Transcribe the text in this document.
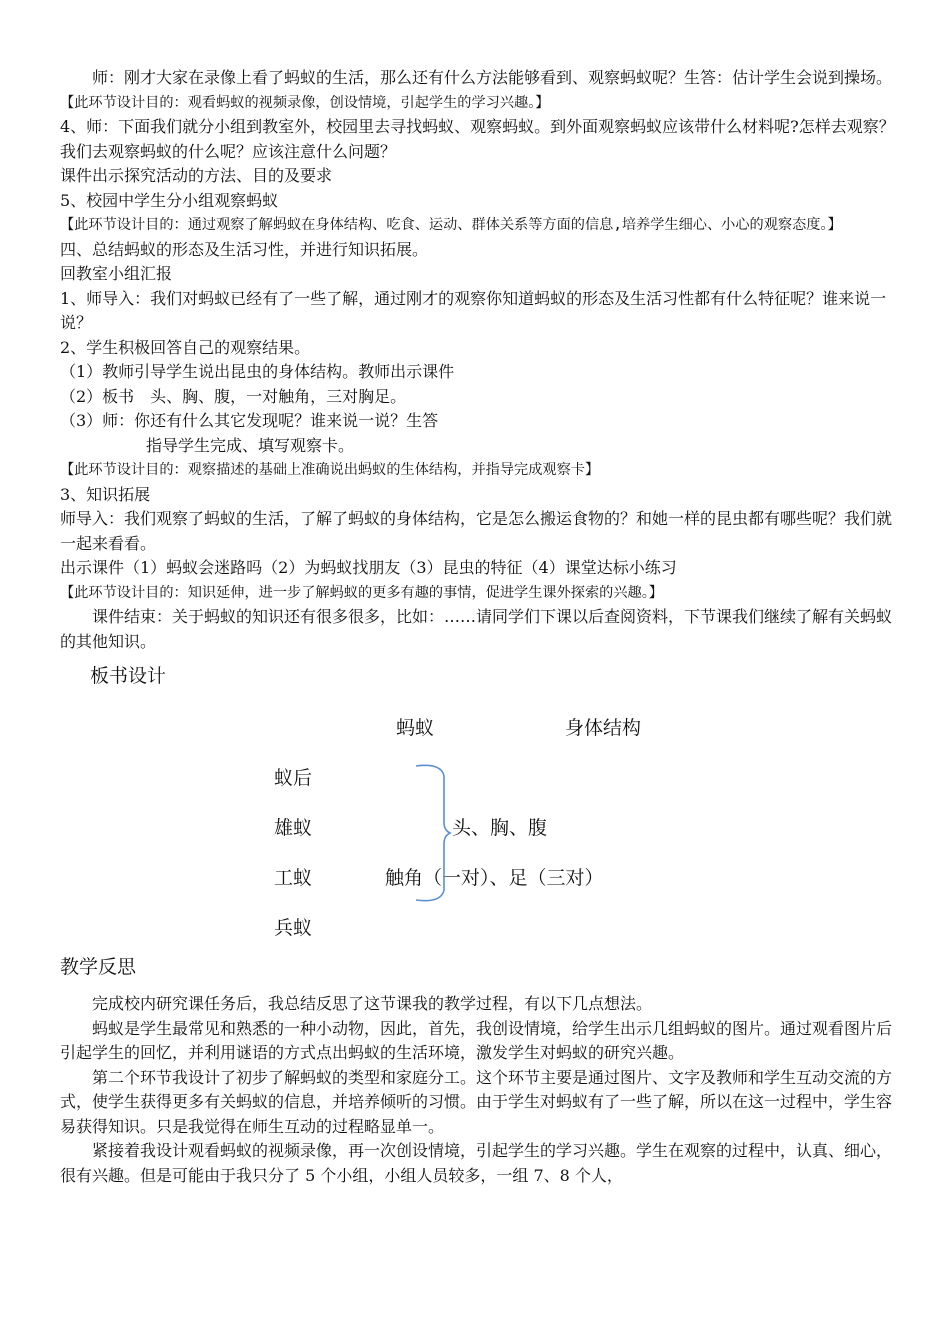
师：刚才大家在录像上看了蚂蚁的生活，那么还有什么方法能够看到、观察蚂蚁呢？生答：估计学生会说到操场。
【此环节设计目的：观看蚂蚁的视频录像，创设情境，引起学生的学习兴趣。】
4、师：下面我们就分小组到教室外，校园里去寻找蚂蚁、观察蚂蚁。到外面观察蚂蚁应该带什么材料呢?怎样去观察？我们去观察蚂蚁的什么呢？应该注意什么问题？
课件出示探究活动的方法、目的及要求
5、校园中学生分小组观察蚂蚁
【此环节设计目的：通过观察了解蚂蚁在身体结构、吃食、运动、群体关系等方面的信息,培养学生细心、小心的观察态度。】
四、总结蚂蚁的形态及生活习性，并进行知识拓展。
回教室小组汇报
1、师导入：我们对蚂蚁已经有了一些了解，通过刚才的观察你知道蚂蚁的形态及生活习性都有什么特征呢？谁来说一说？
2、学生积极回答自己的观察结果。
（1）教师引导学生说出昆虫的身体结构。教师出示课件
（2）板书　头、胸、腹，一对触角，三对胸足。
（3）师：你还有什么其它发现呢？谁来说一说？生答
指导学生完成、填写观察卡。
【此环节设计目的：观察描述的基础上准确说出蚂蚁的生体结构，并指导完成观察卡】
3、知识拓展
师导入：我们观察了蚂蚁的生活，了解了蚂蚁的身体结构，它是怎么搬运食物的？和她一样的昆虫都有哪些呢？我们就一起来看看。
出示课件（1）蚂蚁会迷路吗（2）为蚂蚁找朋友（3）昆虫的特征（4）课堂达标小练习
【此环节设计目的：知识延伸，进一步了解蚂蚁的更多有趣的事情，促进学生课外探索的兴趣。】
课件结束：关于蚂蚁的知识还有很多很多，比如：……请同学们下课以后查阅资料，下节课我们继续了解有关蚂蚁的其他知识。
板书设计
蚂蚁	身体结构
蚁后
雄蚁
工蚁
兵蚁
头、胸、腹
触角（一对）、足（三对）
教学反思
完成校内研究课任务后，我总结反思了这节课我的教学过程，有以下几点想法。
蚂蚁是学生最常见和熟悉的一种小动物，因此，首先，我创设情境，给学生出示几组蚂蚁的图片。通过观看图片后引起学生的回忆，并利用谜语的方式点出蚂蚁的生活环境，激发学生对蚂蚁的研究兴趣。
第二个环节我设计了初步了解蚂蚁的类型和家庭分工。这个环节主要是通过图片、文字及教师和学生互动交流的方式，使学生获得更多有关蚂蚁的信息，并培养倾听的习惯。由于学生对蚂蚁有了一些了解，所以在这一过程中，学生容易获得知识。只是我觉得在师生互动的过程略显单一。
紧接着我设计观看蚂蚁的视频录像，再一次创设情境，引起学生的学习兴趣。学生在观察的过程中，认真、细心，很有兴趣。但是可能由于我只分了 5 个小组，小组人员较多，一组 7、8 个人，
